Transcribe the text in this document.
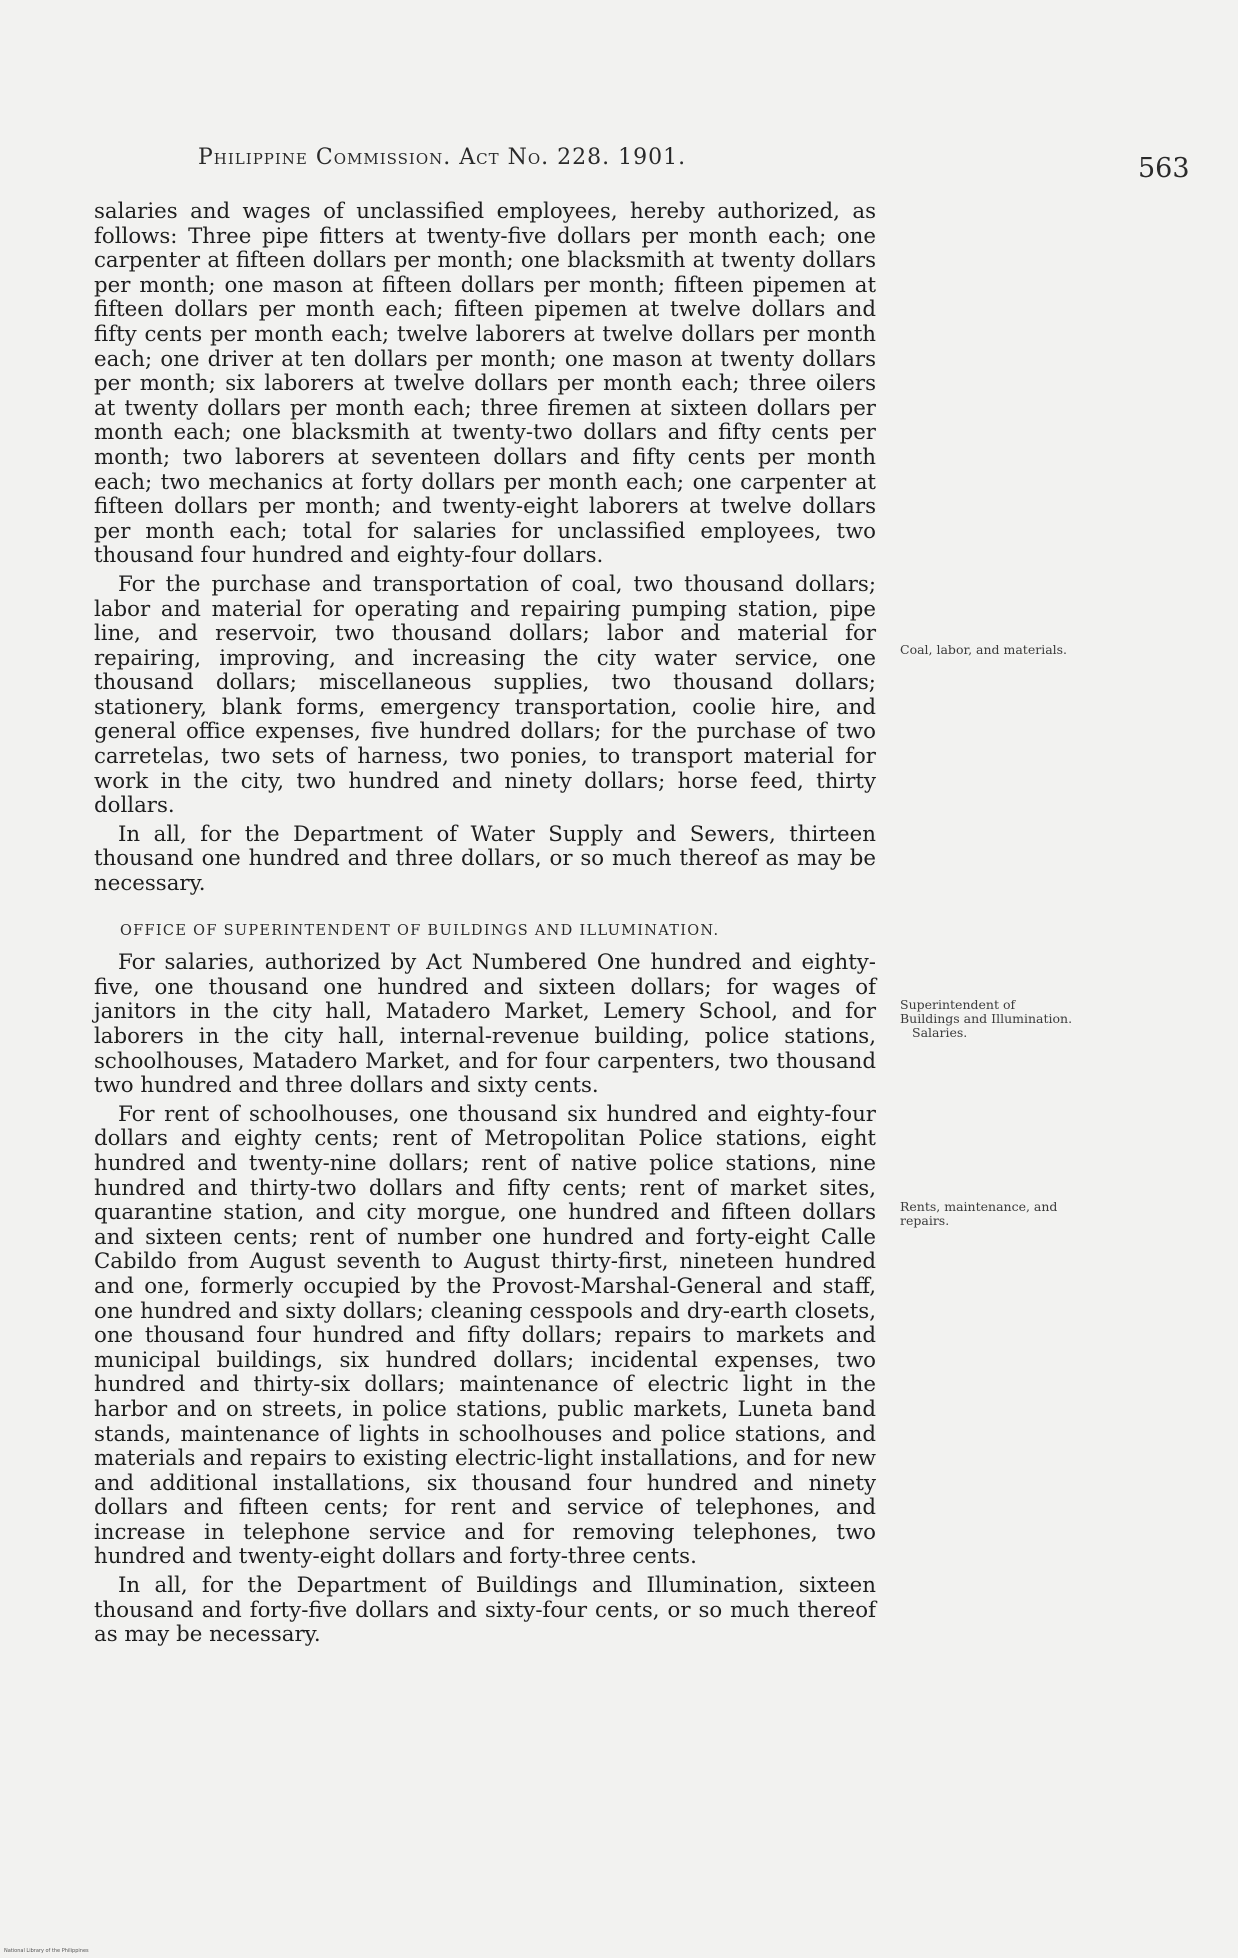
Philippine Commission. Act No. 228. 1901.	563

salaries and wages of unclassified employees, hereby authorized, as follows: Three pipe fitters at twenty-five dollars per month each; one carpenter at fifteen dollars per month; one blacksmith at twenty dollars per month; one mason at fifteen dollars per month; fifteen pipemen at fifteen dollars per month each; fifteen pipemen at twelve dollars and fifty cents per month each; twelve laborers at twelve dollars per month each; one driver at ten dollars per month; one mason at twenty dollars per month; six laborers at twelve dollars per month each; three oilers at twenty dollars per month each; three firemen at sixteen dollars per month each; one blacksmith at twenty-two dollars and fifty cents per month; two laborers at seventeen dollars and fifty cents per month each; two mechanics at forty dollars per month each; one carpenter at fifteen dollars per month; and twenty-eight laborers at twelve dollars per month each; total for salaries for unclassified employees, two thousand four hundred and eighty-four dollars.

For the purchase and transportation of coal, two thousand dollars; labor and material for operating and repairing pumping station, pipe line, and reservoir, two thousand dollars; labor and material for repairing, improving, and increasing the city water service, one thousand dollars; miscellaneous supplies, two thousand dollars; stationery, blank forms, emergency transportation, coolie hire, and general office expenses, five hundred dollars; for the purchase of two carretelas, two sets of harness, two ponies, to transport material for work in the city, two hundred and ninety dollars; horse feed, thirty dollars.

In all, for the Department of Water Supply and Sewers, thirteen thousand one hundred and three dollars, or so much thereof as may be necessary.

OFFICE OF SUPERINTENDENT OF BUILDINGS AND ILLUMINATION.

For salaries, authorized by Act Numbered One hundred and eighty-five, one thousand one hundred and sixteen dollars; for wages of janitors in the city hall, Matadero Market, Lemery School, and for laborers in the city hall, internal-revenue building, police stations, schoolhouses, Matadero Market, and for four carpenters, two thousand two hundred and three dollars and sixty cents.

For rent of schoolhouses, one thousand six hundred and eighty-four dollars and eighty cents; rent of Metropolitan Police stations, eight hundred and twenty-nine dollars; rent of native police stations, nine hundred and thirty-two dollars and fifty cents; rent of market sites, quarantine station, and city morgue, one hundred and fifteen dollars and sixteen cents; rent of number one hundred and forty-eight Calle Cabildo from August seventh to August thirty-first, nineteen hundred and one, formerly occupied by the Provost-Marshal-General and staff, one hundred and sixty dollars; cleaning cesspools and dry-earth closets, one thousand four hundred and fifty dollars; repairs to markets and municipal buildings, six hundred dollars; incidental expenses, two hundred and thirty-six dollars; maintenance of electric light in the harbor and on streets, in police stations, public markets, Luneta band stands, maintenance of lights in schoolhouses and police stations, and materials and repairs to existing electric-light installations, and for new and additional installations, six thousand four hundred and ninety dollars and fifteen cents; for rent and service of telephones, and increase in telephone service and for removing telephones, two hundred and twenty-eight dollars and forty-three cents.

In all, for the Department of Buildings and Illumination, sixteen thousand and forty-five dollars and sixty-four cents, or so much thereof as may be necessary.

Coal, labor, and materials.
Superintendent of
Buildings and Illumination.
Salaries.
Rents, maintenance, and repairs.
National Library of the Philippines
